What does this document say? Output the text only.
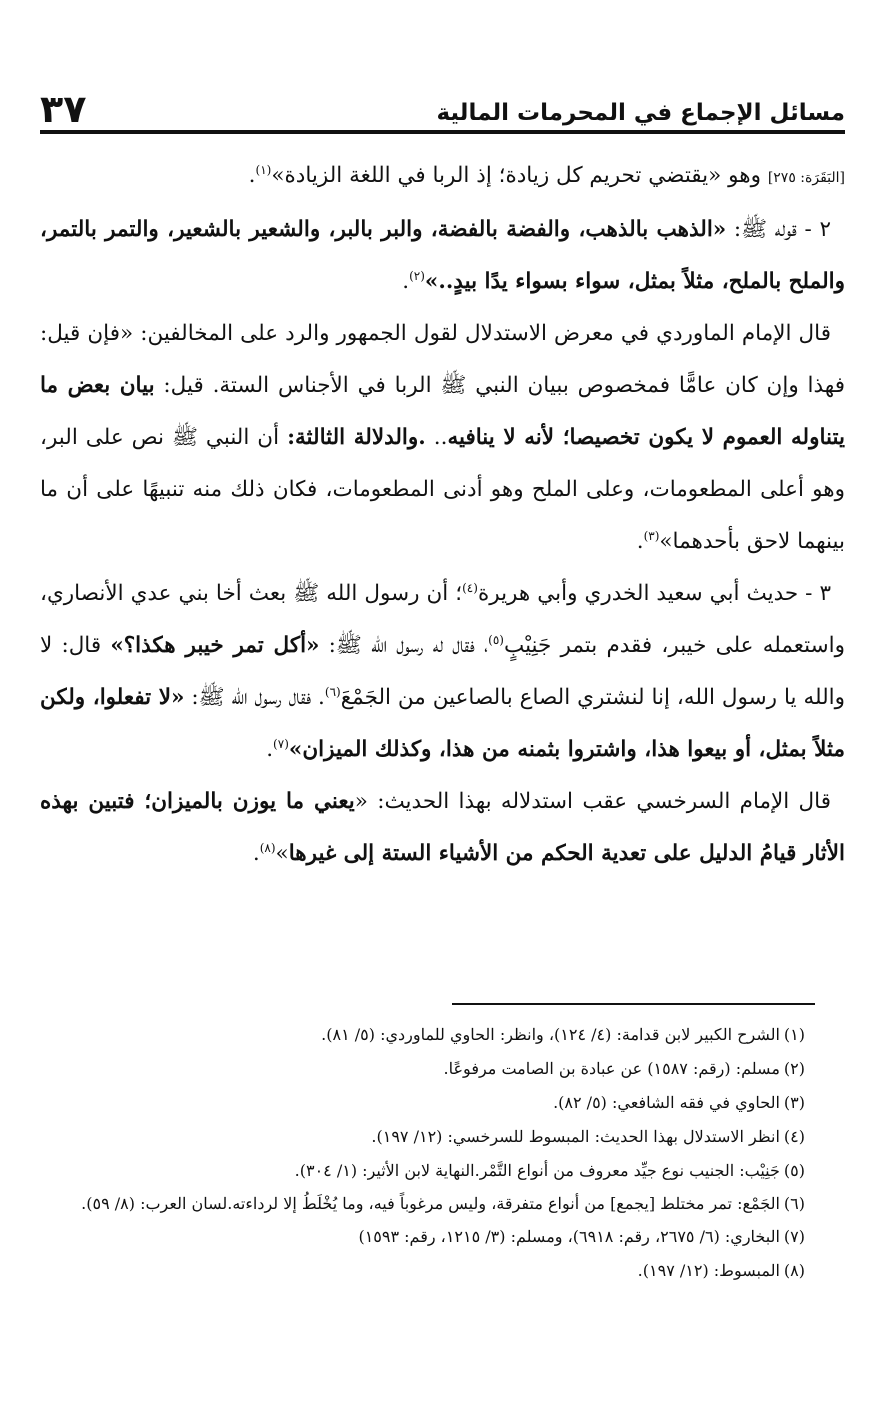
مسائل الإجماع في المحرمات المالية
٣٧

[البَقَرَة: ٢٧٥] وهو «يقتضي تحريم كل زيادة؛ إذ الربا في اللغة الزيادة»$^{(١)}$.

٢ - قوله ﷺ: «الذهب بالذهب، والفضة بالفضة، والبر بالبر، والشعير بالشعير، والتمر بالتمر، والملح بالملح، مثلاً بمثل، سواء بسواء يدًا بيدٍ..»$^{(٢)}$.

قال الإمام الماوردي في معرض الاستدلال لقول الجمهور والرد على المخالفين: «فإن قيل: فهذا وإن كان عامًّا فمخصوص ببيان النبي ﷺ الربا في الأجناس الستة. قيل: بيان بعض ما يتناوله العموم لا يكون تخصيصا؛ لأنه لا ينافيه.. .والدلالة الثالثة: أن النبي ﷺ نص على البر، وهو أعلى المطعومات، وعلى الملح وهو أدنى المطعومات، فكان ذلك منه تنبيهًا على أن ما بينهما لاحق بأحدهما»$^{(٣)}$.

٣ - حديث أبي سعيد الخدري وأبي هريرة$^{(٤)}$؛ أن رسول الله ﷺ بعث أخا بني عدي الأنصاري، واستعمله على خيبر، فقدم بتمر جَنِيْبٍ$^{(٥)}$، فقال له رسول الله ﷺ: «أكل تمر خيبر هكذا؟» قال: لا والله يا رسول الله، إنا لنشتري الصاع بالصاعين من الجَمْعَ$^{(٦)}$. فقال رسول الله ﷺ: «لا تفعلوا، ولكن مثلاً بمثل، أو بيعوا هذا، واشتروا بثمنه من هذا، وكذلك الميزان»$^{(٧)}$.

قال الإمام السرخسي عقب استدلاله بهذا الحديث: «يعني ما يوزن بالميزان؛ فتبين بهذه الأثار قيامُ الدليل على تعدية الحكم من الأشياء الستة إلى غيرها»$^{(٨)}$.

(١)الشرح الكبير لابن قدامة: (٤/ ١٢٤)، وانظر: الحاوي للماوردي: (٥/ ٨١).

(٢)مسلم: (رقم: ١٥٨٧) عن عبادة بن الصامت مرفوعًا.

(٣)الحاوي في فقه الشافعي: (٥/ ٨٢).

(٤)انظر الاستدلال بهذا الحديث: المبسوط للسرخسي: (١٢/ ١٩٧).

(٥)جَنِيْب: الجنيب نوع جيِّد معروف من أنواع التَّمْر.النهاية لابن الأثير: (١/ ٣٠٤).

(٦)الجَمْع: تمر مختلط [يجمع] من أنواع متفرقة، وليس مرغوباً فيه، وما يُخْلَطُ إلا لرداءته.لسان العرب: (٨/ ٥٩).

(٧)البخاري: (٦/ ٢٦٧٥، رقم: ٦٩١٨)، ومسلم: (٣/ ١٢١٥، رقم: ١٥٩٣)

(٨)المبسوط: (١٢/ ١٩٧).
